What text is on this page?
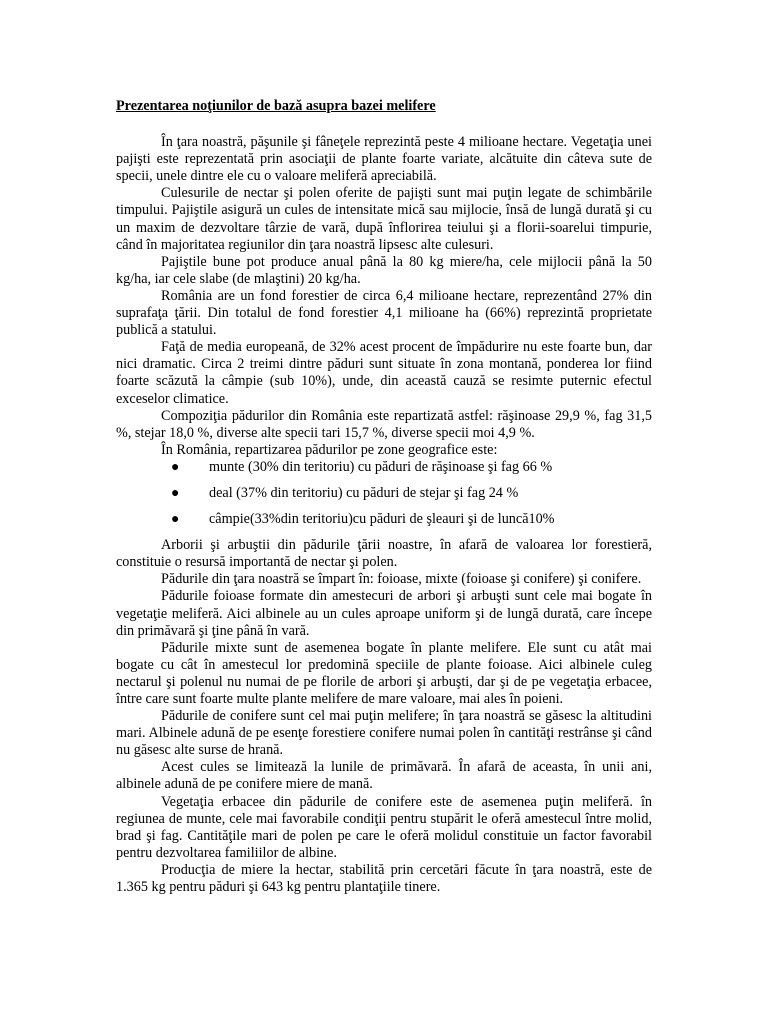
Prezentarea noţiunilor de bază asupra bazei melifere

În ţara noastră, păşunile şi fâneţele reprezintă peste 4 milioane hectare. Vegetaţia unei pajişti este reprezentată prin asociaţii de plante foarte variate, alcătuite din câteva sute de specii, unele dintre ele cu o valoare meliferă apreciabilă.

Culesurile de nectar şi polen oferite de pajişti sunt mai puţin legate de schimbările timpului. Pajiştile asigură un cules de intensitate mică sau mijlocie, însă de lungă durată şi cu un maxim de dezvoltare târzie de vară, după înflorirea teiului şi a florii-soarelui timpurie, când în majoritatea regiunilor din ţara noastră lipsesc alte culesuri.

Pajiştile bune pot produce anual până la 80 kg miere/ha, cele mijlocii până la 50 kg/ha, iar cele slabe (de mlaştini) 20 kg/ha.

România are un fond forestier de circa 6,4 milioane hectare, reprezentând 27% din suprafaţa ţării. Din totalul de fond forestier 4,1 milioane ha (66%) reprezintă proprietate publică a statului.

Faţă de media europeană, de 32% acest procent de împădurire nu este foarte bun, dar nici dramatic. Circa 2 treimi dintre păduri sunt situate în zona montană, ponderea lor fiind foarte scăzută la câmpie (sub 10%), unde, din această cauză se resimte puternic efectul exceselor climatice.

Compoziţia pădurilor din România este repartizată astfel: răşinoase 29,9 %, fag 31,5 %, stejar 18,0 %, diverse alte specii tari 15,7 %, diverse specii moi 4,9 %.

În România, repartizarea pădurilor pe zone geografice este:

● munte (30% din teritoriu) cu păduri de răşinoase şi fag 66 %
● deal (37% din teritoriu) cu păduri de stejar şi fag 24 %
● câmpie(33%din teritoriu)cu păduri de şleauri şi de luncă10%

Arborii şi arbuştii din pădurile ţării noastre, în afară de valoarea lor forestieră, constituie o resursă importantă de nectar şi polen.

Pădurile din ţara noastră se împart în: foioase, mixte (foioase şi conifere) şi conifere.

Pădurile foioase formate din amestecuri de arbori şi arbuşti sunt cele mai bogate în vegetaţie meliferă. Aici albinele au un cules aproape uniform şi de lungă durată, care începe din primăvară şi ţine până în vară.

Pădurile mixte sunt de asemenea bogate în plante melifere. Ele sunt cu atât mai bogate cu cât în amestecul lor predomină speciile de plante foioase. Aici albinele culeg nectarul şi polenul nu numai de pe florile de arbori şi arbuşti, dar şi de pe vegetaţia erbacee, între care sunt foarte multe plante melifere de mare valoare, mai ales în poieni.

Pădurile de conifere sunt cel mai puţin melifere; în ţara noastră se găsesc la altitudini mari. Albinele adună de pe esenţe forestiere conifere numai polen în cantităţi restrânse şi când nu găsesc alte surse de hrană.

Acest cules se limitează la lunile de primăvară. În afară de aceasta, în unii ani, albinele adună de pe conifere miere de mană.

Vegetaţia erbacee din pădurile de conifere este de asemenea puţin meliferă. în regiunea de munte, cele mai favorabile condiţii pentru stupărit le oferă amestecul între molid, brad şi fag. Cantităţile mari de polen pe care le oferă molidul constituie un factor favorabil pentru dezvoltarea familiilor de albine.

Producţia de miere la hectar, stabilită prin cercetări făcute în ţara noastră, este de 1.365 kg pentru păduri şi 643 kg pentru plantaţiile tinere.
